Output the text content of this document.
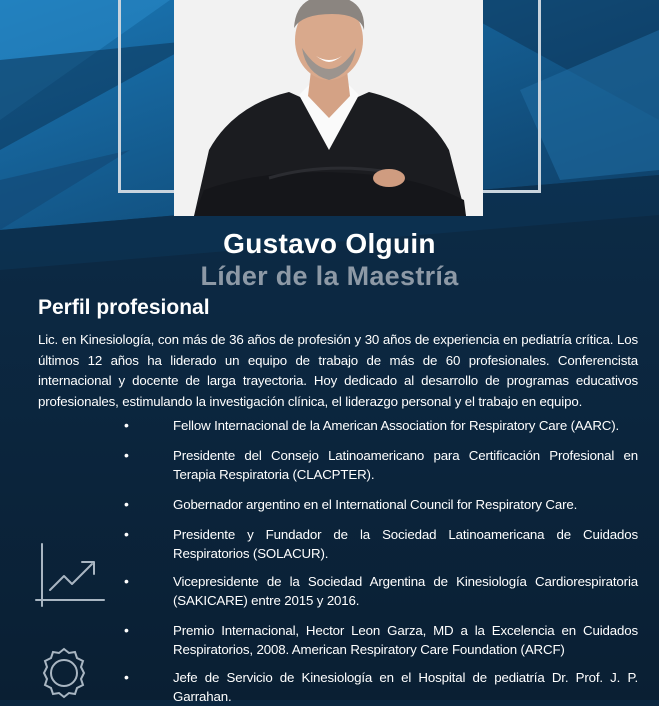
Gustavo Olguin
Líder de la Maestría
Perfil profesional
Lic. en Kinesiología, con más de 36 años de profesión y 30 años de experiencia en pediatría crítica. Los últimos 12 años ha liderado un equipo de trabajo de más de 60 profesionales. Conferencista internacional y docente de larga trayectoria. Hoy dedicado al desarrollo de programas educativos profesionales, estimulando la investigación clínica, el liderazgo personal y el trabajo en equipo.
•	Fellow Internacional de la American Association for Respiratory Care (AARC).
•	Presidente del Consejo Latinoamericano para Certificación Profesional en Terapia Respiratoria (CLACPTER).
•	Gobernador argentino en el International Council for Respiratory Care.
•	Presidente y Fundador de la Sociedad Latinoamericana de Cuidados Respiratorios (SOLACUR).
•	Vicepresidente de la Sociedad Argentina de Kinesiología Cardiorespiratoria (SAKICARE) entre 2015 y 2016.
•	Premio Internacional, Hector Leon Garza, MD a la Excelencia en Cuidados Respiratorios, 2008. American Respiratory Care Foundation (ARCF)
•	Jefe de Servicio de Kinesiología en el Hospital de pediatría Dr. Prof. J. P. Garrahan.
